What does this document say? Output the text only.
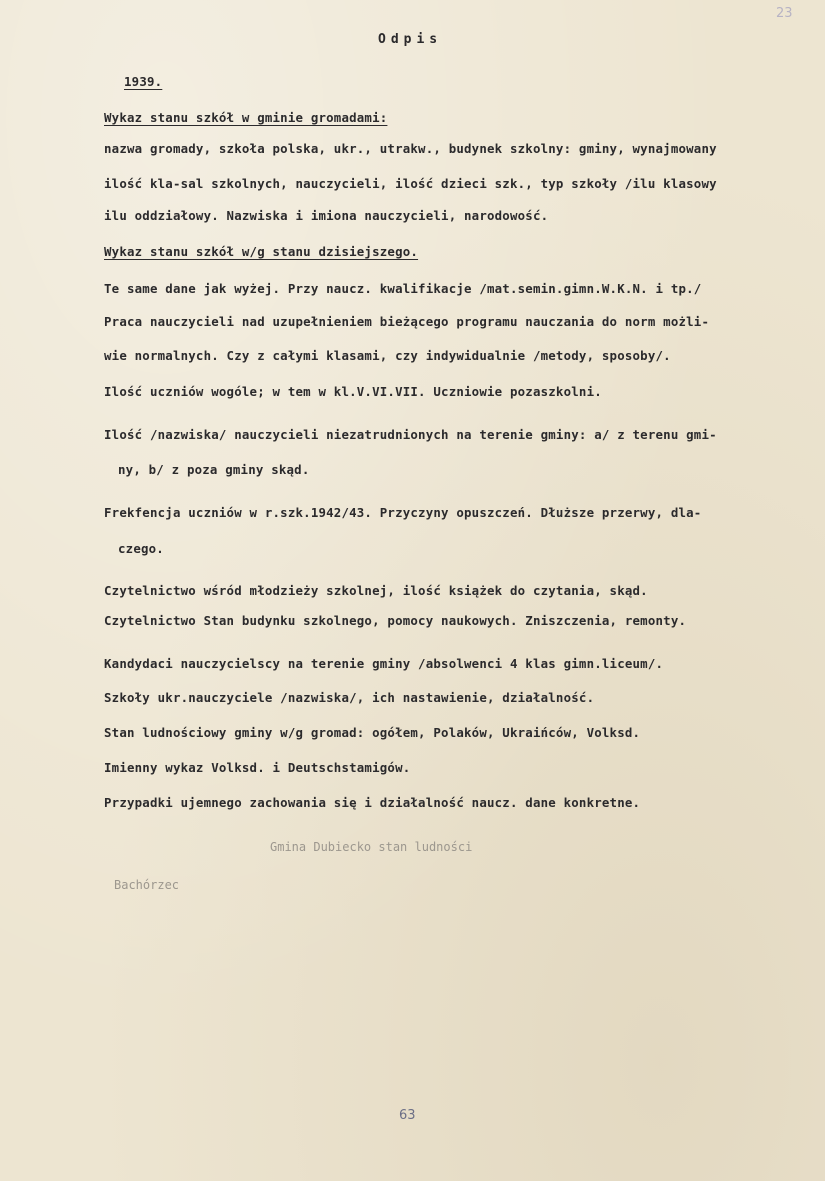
23
Odpis
1939.
Wykaz stanu szkół w gminie gromadami:
nazwa gromady, szkoła polska, ukr., utrakw., budynek szkolny: gminy, wynajmowany
ilość kla-sal szkolnych, nauczycieli, ilość dzieci szk., typ szkoły /ilu klasowy
ilu oddziałowy. Nazwiska i imiona nauczycieli, narodowość.
Wykaz stanu szkół w/g stanu dzisiejszego.
Te same dane jak wyżej. Przy naucz. kwalifikacje /mat.semin.gimn.W.K.N. i tp./
Praca nauczycieli nad uzupełnieniem bieżącego programu nauczania do norm możli-
wie normalnych. Czy z całymi klasami, czy indywidualnie /metody, sposoby/.
Ilość uczniów wogóle; w tem w kl.V.VI.VII. Uczniowie pozaszkolni.
Ilość /nazwiska/ nauczycieli niezatrudnionych na terenie gminy: a/ z terenu gmi-
ny, b/ z poza gminy skąd.
Frekfencja uczniów w r.szk.1942/43. Przyczyny opuszczeń. Dłuższe przerwy, dla-
czego.
Czytelnictwo wśród młodzieży szkolnej, ilość książek do czytania, skąd.
Czytelnictwo Stan budynku szkolnego, pomocy naukowych. Zniszczenia, remonty.
Kandydaci nauczycielscy na terenie gminy /absolwenci 4 klas gimn.liceum/.
Szkoły ukr.nauczyciele /nazwiska/, ich nastawienie, działalność.
Stan ludnościowy gminy w/g gromad: ogółem, Polaków, Ukraińców, Volksd.
Imienny wykaz Volksd. i Deutschstamigów.
Przypadki ujemnego zachowania się i działalność naucz. dane konkretne.
Gmina Dubiecko stan ludności
Bachórzec
63
